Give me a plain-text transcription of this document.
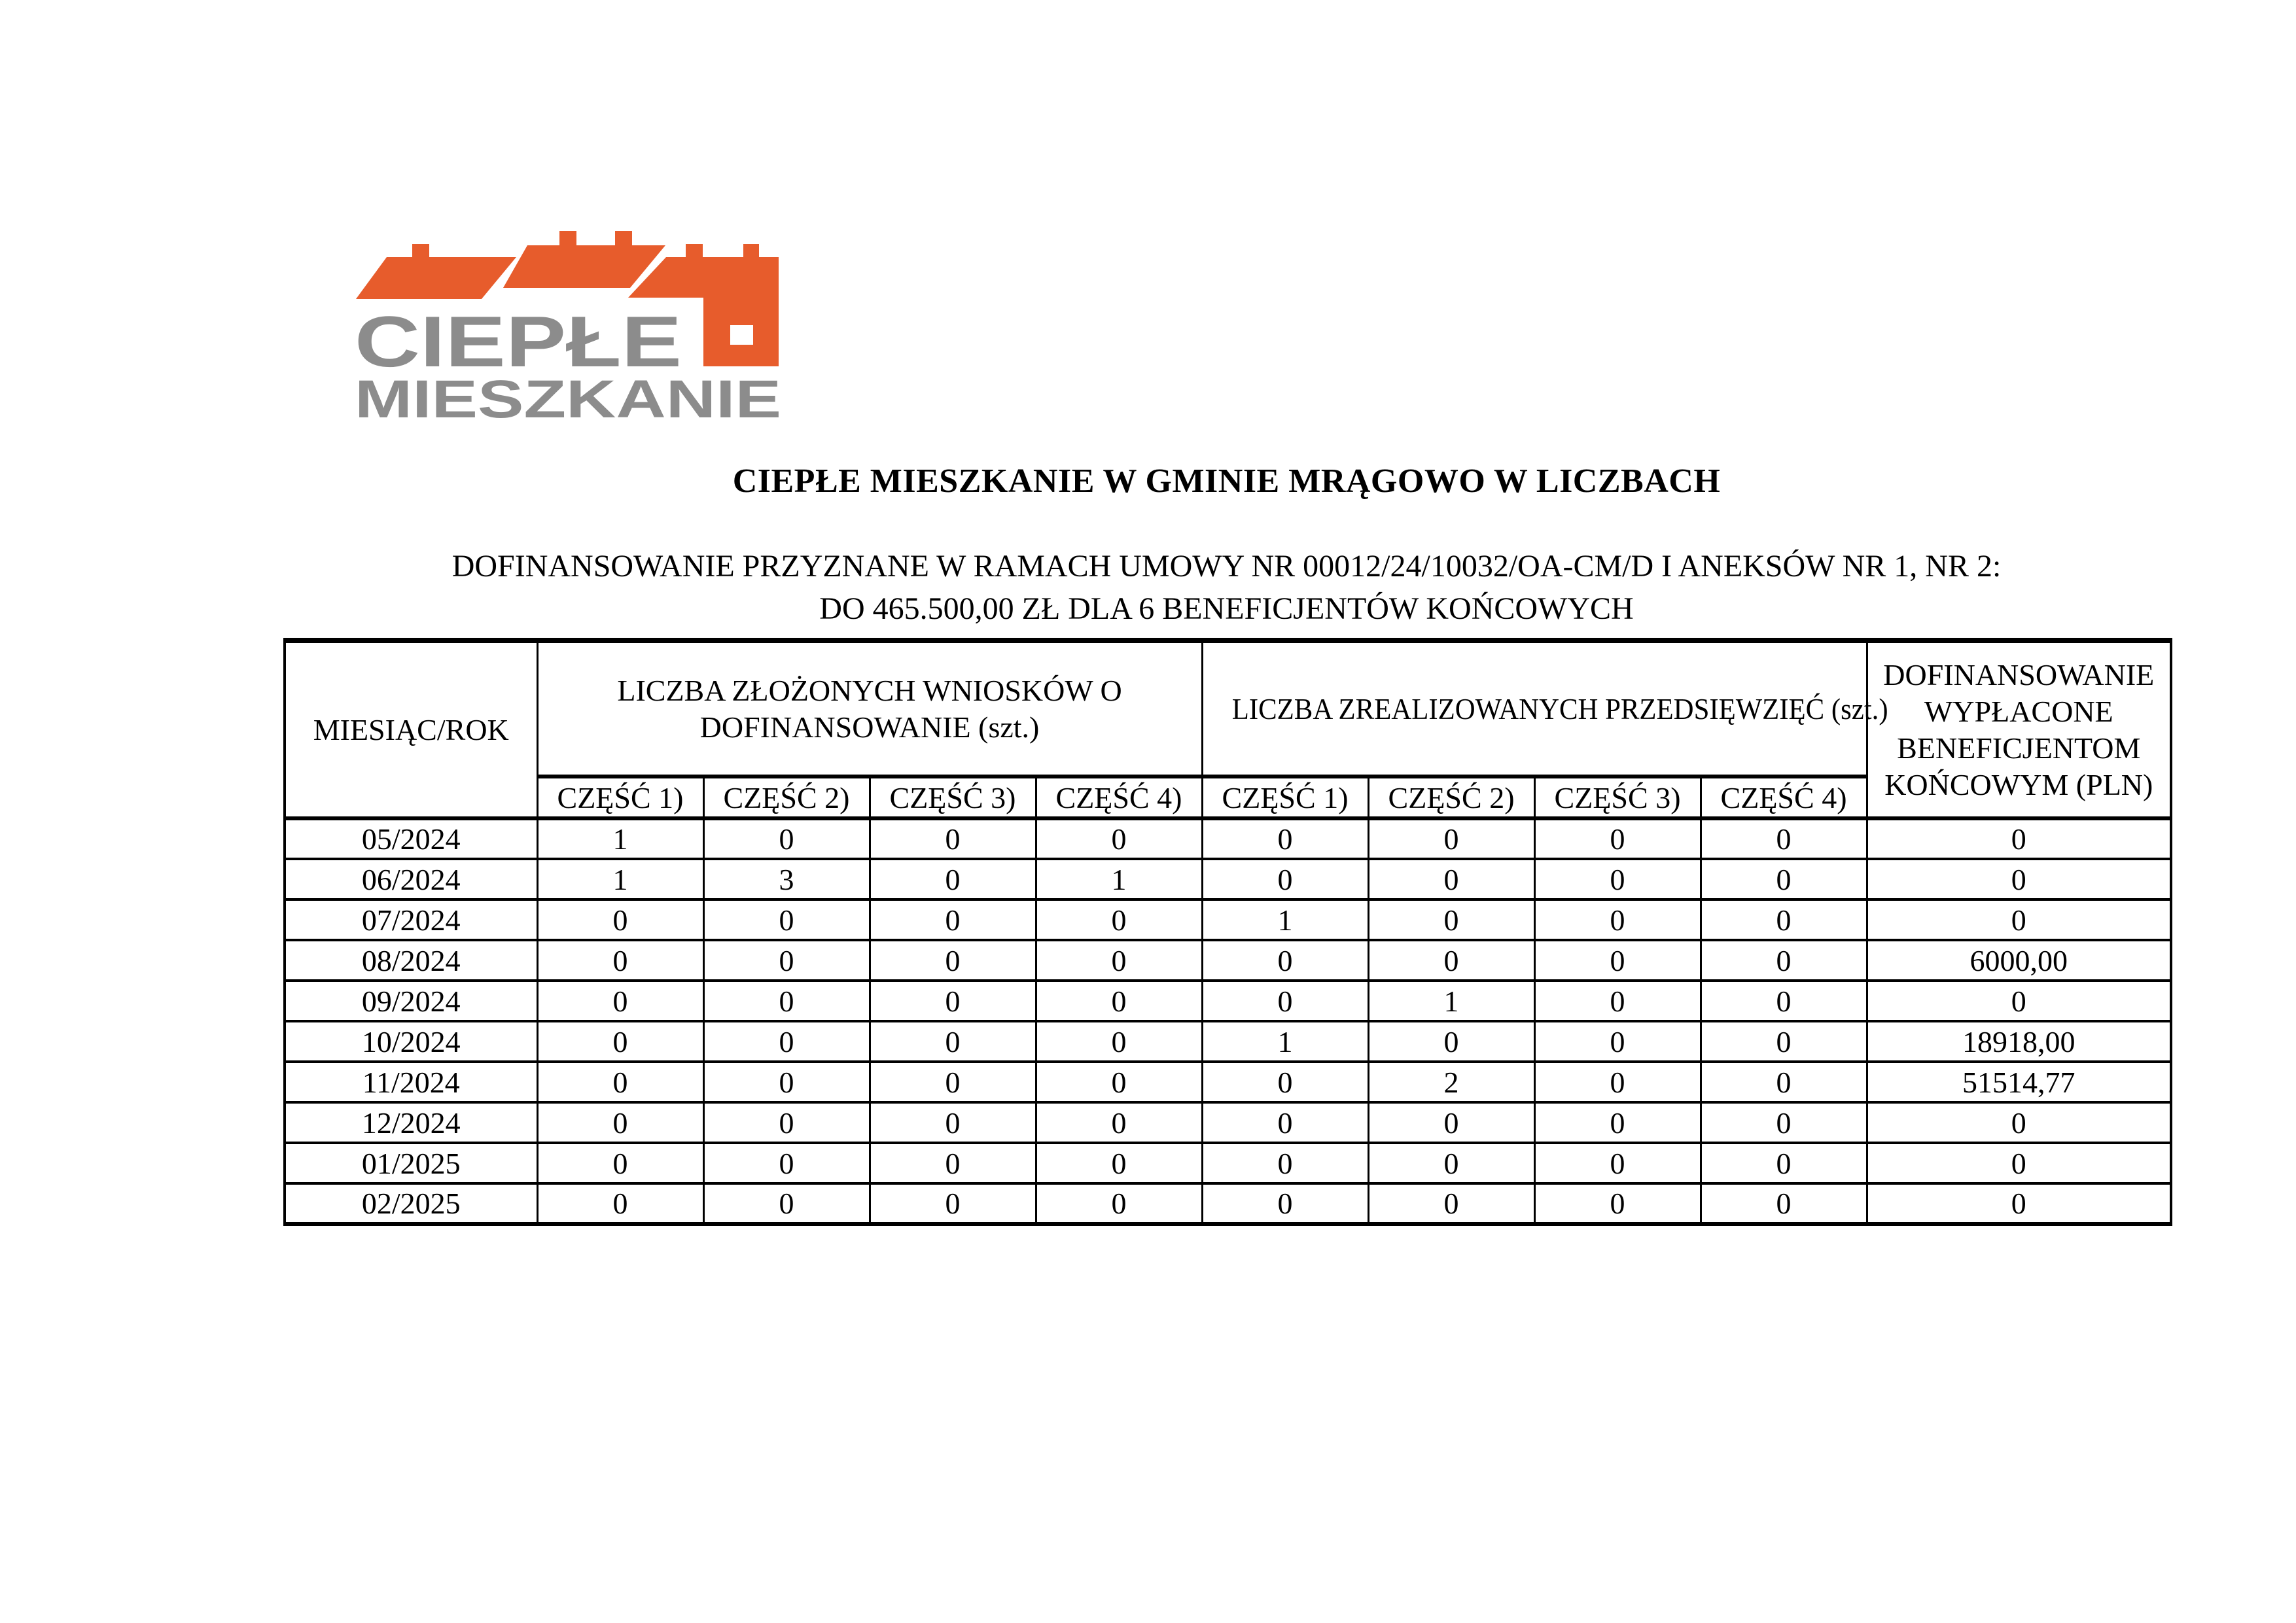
CIEPŁE
MIESZKANIE
CIEPŁE MIESZKANIE W GMINIE MRĄGOWO W LICZBACH
DOFINANSOWANIE PRZYZNANE W RAMACH UMOWY NR 00012/24/10032/OA-CM/D I ANEKSÓW NR 1, NR 2:
DO 465.500,00 ZŁ DLA 6 BENEFICJENTÓW KOŃCOWYCH
MIESIĄC/ROK	LICZBA ZŁOŻONYCH WNIOSKÓW O DOFINANSOWANIE (szt.)				LICZBA ZREALIZOWANYCH PRZEDSIĘWZIĘĆ (szt.)				DOFINANSOWANIE WYPŁACONE BENEFICJENTOM KOŃCOWYM (PLN)
	CZĘŚĆ 1)	CZĘŚĆ 2)	CZĘŚĆ 3)	CZĘŚĆ 4)	CZĘŚĆ 1)	CZĘŚĆ 2)	CZĘŚĆ 3)	CZĘŚĆ 4)	
05/2024	1	0	0	0	0	0	0	0	0
06/2024	1	3	0	1	0	0	0	0	0
07/2024	0	0	0	0	1	0	0	0	0
08/2024	0	0	0	0	0	0	0	0	6000,00
09/2024	0	0	0	0	0	1	0	0	0
10/2024	0	0	0	0	1	0	0	0	18918,00
11/2024	0	0	0	0	0	2	0	0	51514,77
12/2024	0	0	0	0	0	0	0	0	0
01/2025	0	0	0	0	0	0	0	0	0
02/2025	0	0	0	0	0	0	0	0	0
